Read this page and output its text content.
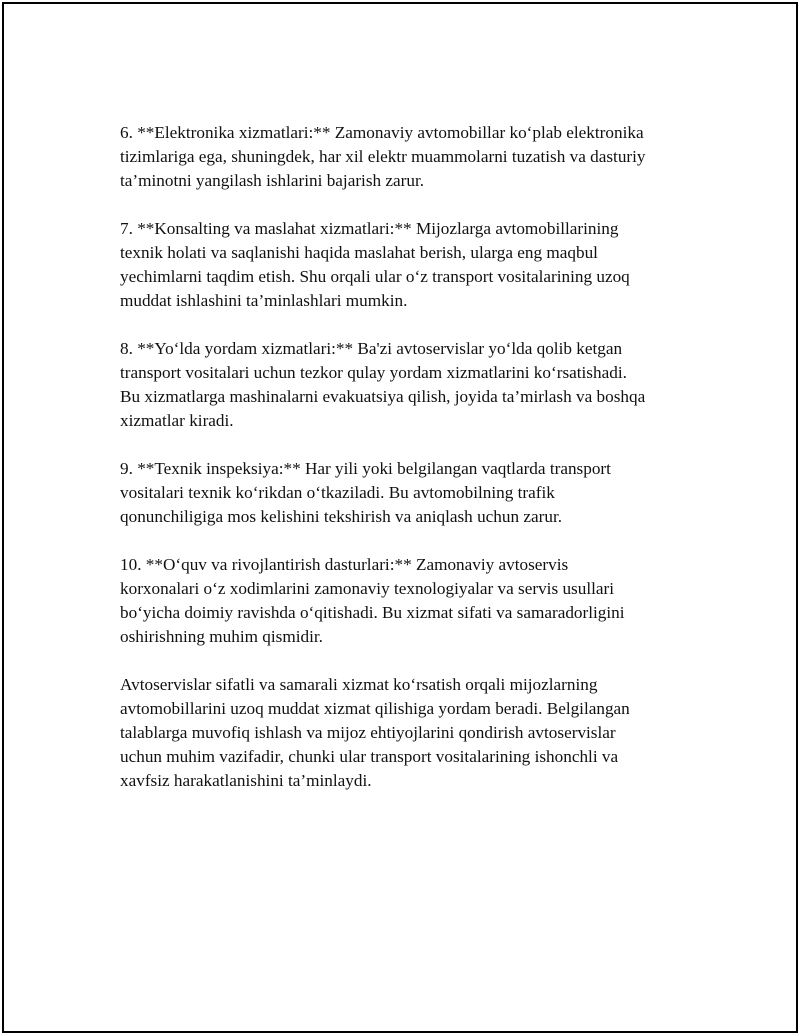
6. **Elektronika xizmatlari:** Zamonaviy avtomobillar ko‘plab elektronika
tizimlariga ega, shuningdek, har xil elektr muammolarni tuzatish va dasturiy
ta’minotni yangilash ishlarini bajarish zarur.

7. **Konsalting va maslahat xizmatlari:** Mijozlarga avtomobillarining
texnik holati va saqlanishi haqida maslahat berish, ularga eng maqbul
yechimlarni taqdim etish. Shu orqali ular o‘z transport vositalarining uzoq
muddat ishlashini ta’minlashlari mumkin.

8. **Yo‘lda yordam xizmatlari:** Ba'zi avtoservislar yo‘lda qolib ketgan
transport vositalari uchun tezkor qulay yordam xizmatlarini ko‘rsatishadi.
Bu xizmatlarga mashinalarni evakuatsiya qilish, joyida ta’mirlash va boshqa
xizmatlar kiradi.

9. **Texnik inspeksiya:** Har yili yoki belgilangan vaqtlarda transport
vositalari texnik ko‘rikdan o‘tkaziladi. Bu avtomobilning trafik
qonunchiligiga mos kelishini tekshirish va aniqlash uchun zarur.

10. **O‘quv va rivojlantirish dasturlari:** Zamonaviy avtoservis
korxonalari o‘z xodimlarini zamonaviy texnologiyalar va servis usullari
bo‘yicha doimiy ravishda o‘qitishadi. Bu xizmat sifati va samaradorligini
oshirishning muhim qismidir.

Avtoservislar sifatli va samarali xizmat ko‘rsatish orqali mijozlarning
avtomobillarini uzoq muddat xizmat qilishiga yordam beradi. Belgilangan
talablarga muvofiq ishlash va mijoz ehtiyojlarini qondirish avtoservislar
uchun muhim vazifadir, chunki ular transport vositalarining ishonchli va
xavfsiz harakatlanishini ta’minlaydi.
